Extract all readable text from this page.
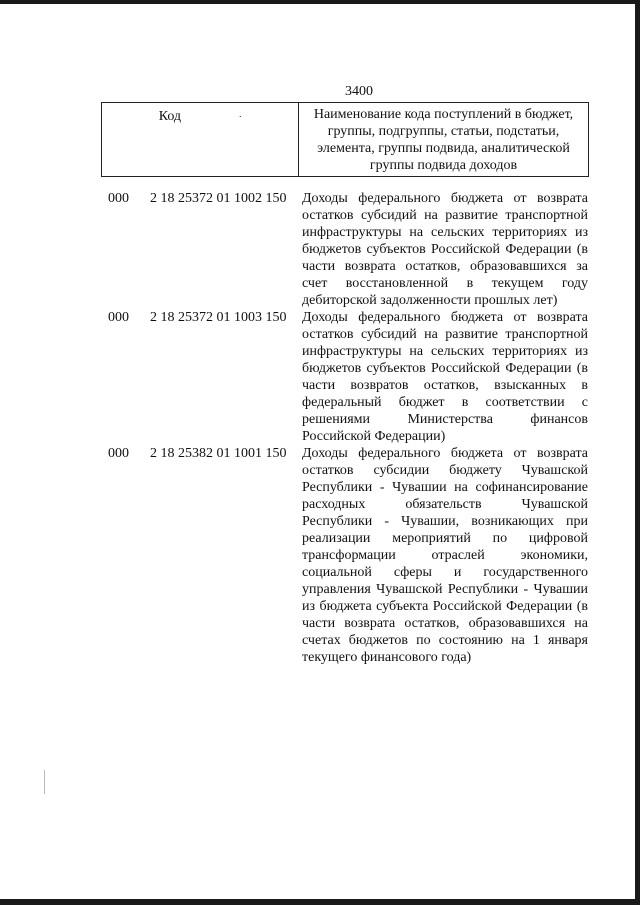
3400
Код	.	Наименование кода поступлений в бюджет, группы, подгруппы, статьи, подстатьи, элемента, группы подвида, аналитической группы подвида доходов
000	2 18 25372 01 1002 150	Доходы федерального бюджета от возврата остатков субсидий на развитие транспортной инфраструктуры на сельских территориях из бюджетов субъектов Российской Федерации (в части возврата остатков, образовавшихся за счет восстановленной в текущем году дебиторской задолженности прошлых лет)
000	2 18 25372 01 1003 150	Доходы федерального бюджета от возврата остатков субсидий на развитие транспортной инфраструктуры на сельских территориях из бюджетов субъектов Российской Федерации (в части возвратов остатков, взысканных в федеральный бюджет в соответствии с решениями Министерства финансов Российской Федерации)
000	2 18 25382 01 1001 150	Доходы федерального бюджета от возврата остатков субсидии бюджету Чувашской Республики - Чувашии на софинансирование расходных обязательств Чувашской Республики - Чувашии, возникающих при реализации мероприятий по цифровой трансформации отраслей экономики, социальной сферы и государственного управления Чувашской Республики - Чувашии из бюджета субъекта Российской Федерации (в части возврата остатков, образовавшихся на счетах бюджетов по состоянию на 1 января текущего финансового года)
